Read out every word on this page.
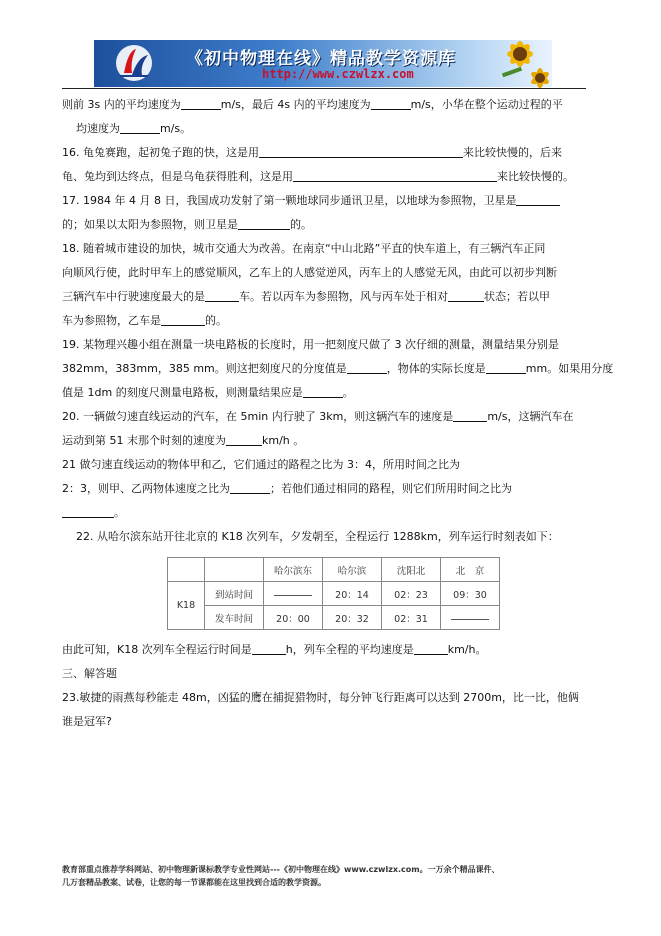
《初中物理在线》精品教学资源库
http://www.czwlzx.com

则前 3s 内的平均速度为	m/s，最后 4s 内的平均速度为	m/s，小华在整个运动过程的平

均速度为	m/s。

16. 龟兔赛跑，起初兔子跑的快，这是用	来比较快慢的，后来

龟、兔均到达终点，但是乌龟获得胜利，这是用	来比较快慢的。

17. 1984 年 4 月 8 日，我国成功发射了第一颗地球同步通讯卫星，以地球为参照物，卫星是

的；如果以太阳为参照物，则卫星是	的。

18. 随着城市建设的加快，城市交通大为改善。在南京“中山北路”平直的快车道上，有三辆汽车正同

向顺风行使，此时甲车上的感觉顺风，乙车上的人感觉逆风，丙车上的人感觉无风，由此可以初步判断

三辆汽车中行驶速度最大的是	车。若以丙车为参照物，风与丙车处于相对	状态；若以甲

车为参照物，乙车是	的。

19. 某物理兴趣小组在测量一块电路板的长度时，用一把刻度尺做了 3 次仔细的测量，测量结果分别是

382mm，383mm，385 mm。则这把刻度尺的分度值是	，物体的实际长度是	mm。如果用分度

值是 1dm 的刻度尺测量电路板，则测量结果应是	。

20. 一辆做匀速直线运动的汽车，在 5min 内行驶了 3km，则这辆汽车的速度是	m/s，这辆汽车在

运动到第 51 末那个时刻的速度为	km/h 。

21 做匀速直线运动的物体甲和乙，它们通过的路程之比为 3：4，所用时间之比为

2：3，则甲、乙两物体速度之比为	；若他们通过相同的路程，则它们所用时间之比为

。

22. 从哈尔滨东站开往北京的 K18 次列车，夕发朝至，全程运行 1288km，列车运行时刻表如下：

		哈尔滨东	哈尔滨	沈阳北	北　京
K18	到站时间		20：14	02：23	09：30
	发车时间	20：00	20：32	02：31	

由此可知，K18 次列车全程运行时间是	h，列车全程的平均速度是	km/h。

三、解答题

23.敏捷的雨燕每秒能走 48m，凶猛的鹰在捕捉猎物时，每分钟飞行距离可以达到 2700m，比一比，他俩

谁是冠军?

教育部重点推荐学科网站、初中物理新课标教学专业性网站---《初中物理在线》www.czwlzx.com。一万余个精品课件、
几万套精品教案、试卷，让您的每一节课都能在这里找到合适的教学资源。
